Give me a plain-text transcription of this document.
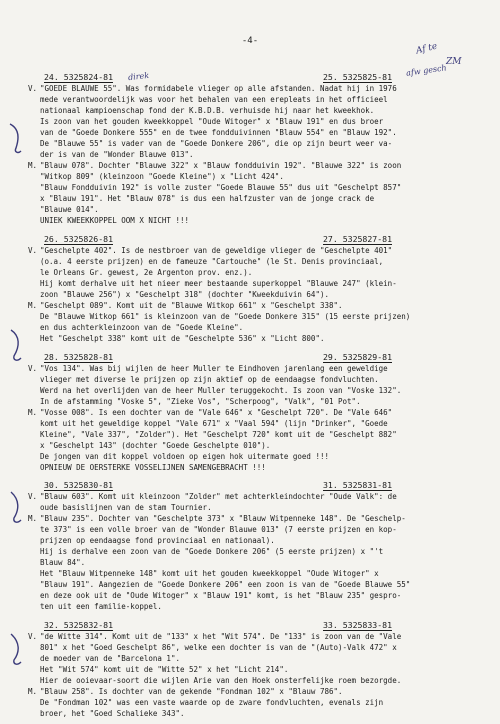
-4-
Af te
ZM
afw gesch
direk
24. 5325824-81	25. 5325825-81
V. "GOEDE BLAUWE 55". Was formidabele vlieger op alle afstanden. Nadat hij in 1976
mede verantwoordelijk was voor het behalen van een erepleats in het officieel
nationaal kampioenschap fond der K.B.D.B. verhuisde hij naar het kweekhok.
Is zoon van het gouden kweekkoppel "Oude Witoger" x "Blauw 191" en dus broer
van de "Goede Donkere 555" en de twee fondduivinnen "Blauw 554" en "Blauw 192".
De "Blauwe 55" is vader van de "Goede Donkere 206", die op zijn beurt weer va-
der is van de "Wonder Blauwe 013".
M. "Blauw 078". Dochter "Blauwe 322" x "Blauw fondduivin 192". "Blauwe 322" is zoon
"Witkop 809" (kleinzoon "Goede Kleine") x "Licht 424".
"Blauw Fondduivin 192" is volle zuster "Goede Blauwe 55" dus uit "Geschelpt 857"
x "Blauw 191". Het "Blauw 078" is dus een halfzuster van de jonge crack de
"Blauwe 014".
UNIEK KWEEKKOPPEL OOM X NICHT !!!
26. 5325826-81	27. 5325827-81
V. "Geschelpte 402". Is de nestbroer van de geweldige vlieger de "Geschelpte 401"
(o.a. 4 eerste prijzen) en de fameuze "Cartouche" (le St. Denis provinciaal,
le Orleans Gr. gewest, 2e Argenton prov. enz.).
Hij komt derhalve uit het nieer meer bestaande superkoppel "Blauwe 247" (klein-
zoon "Blauwe 256") x "Geschelpt 318" (dochter "Kweekduivin 64").
M. "Geschelpt 089". Komt uit de "Blauwe Witkop 661" x "Geschelpt 338".
De "Blauwe Witkop 661" is kleinzoon van de "Goede Donkere 315" (15 eerste prijzen)
en dus achterkleinzoon van de "Goede Kleine".
Het "Geschelpt 338" komt uit de "Geschelpte 536" x "Licht 800".
28. 5325828-81	29. 5325829-81
V. "Vos 134". Was bij wijlen de heer Muller te Eindhoven jarenlang een geweldige
vlieger met diverse le prijzen op zijn aktief op de eendaagse fondvluchten.
Werd na het overlijden van de heer Muller teruggekocht. Is zoon van "Voske 132".
In de afstamming "Voske 5", "Zieke Vos", "Scherpoog", "Valk", "01 Pot".
M. "Vosse 008". Is een dochter van de "Vale 646" x "Geschelpt 720". De "Vale 646"
komt uit het geweldige koppel "Vale 671" x "Vaal 594" (lijn "Drinker", "Goede
Kleine", "Vale 337", "Zolder"). Het "Geschelpt 720" komt uit de "Geschelpt 882"
x "Geschelpt 143" (dochter "Goede Geschelpte 010").
De jongen van dit koppel voldoen op eigen hok uitermate goed !!!
OPNIEUW DE OERSTERKE VOSSELIJNEN SAMENGEBRACHT !!!
30. 5325830-81	31. 5325831-81
V. "Blauw 603". Komt uit kleinzoon "Zolder" met achterkleindochter "Oude Valk": de
oude basislijnen van de stam Tournier.
M. "Blauw 235". Dochter van "Geschelpte 373" x "Blauw Witpenneke 148". De "Geschelp-
te 373" is een volle broer van de "Wonder Blauwe 013" (7 eerste prijzen en kop-
prijzen op eendaagse fond provinciaal en nationaal).
Hij is derhalve een zoon van de "Goede Donkere 206" (5 eerste prijzen) x "'t
Blauw 84".
Het "Blauw Witpenneke 148" komt uit het gouden kweekkoppel "Oude Witoger" x
"Blauw 191". Aangezien de "Goede Donkere 206" een zoon is van de "Goede Blauwe 55"
en deze ook uit de "Oude Witoger" x "Blauw 191" komt, is het "Blauw 235" gespro-
ten uit een familie-koppel.
32. 5325832-81	33. 5325833-81
V. "de Witte 314". Komt uit de "133" x het "Wit 574". De "133" is zoon van de "Vale
801" x het "Goed Geschelpt 86", welke een dochter is van de "(Auto)-Valk 472" x
de moeder van de "Barcelona 1".
Het "Wit 574" komt uit de "Witte 52" x het "Licht 214".
Hier de ooievaar-soort die wijlen Arie van den Hoek onsterfelijke roem bezorgde.
M. "Blauw 258". Is dochter van de gekende "Fondman 102" x "Blauw 786".
De "Fondman 102" was een vaste waarde op de zware fondvluchten, evenals zijn
broer, het "Goed Schalieke 343".
